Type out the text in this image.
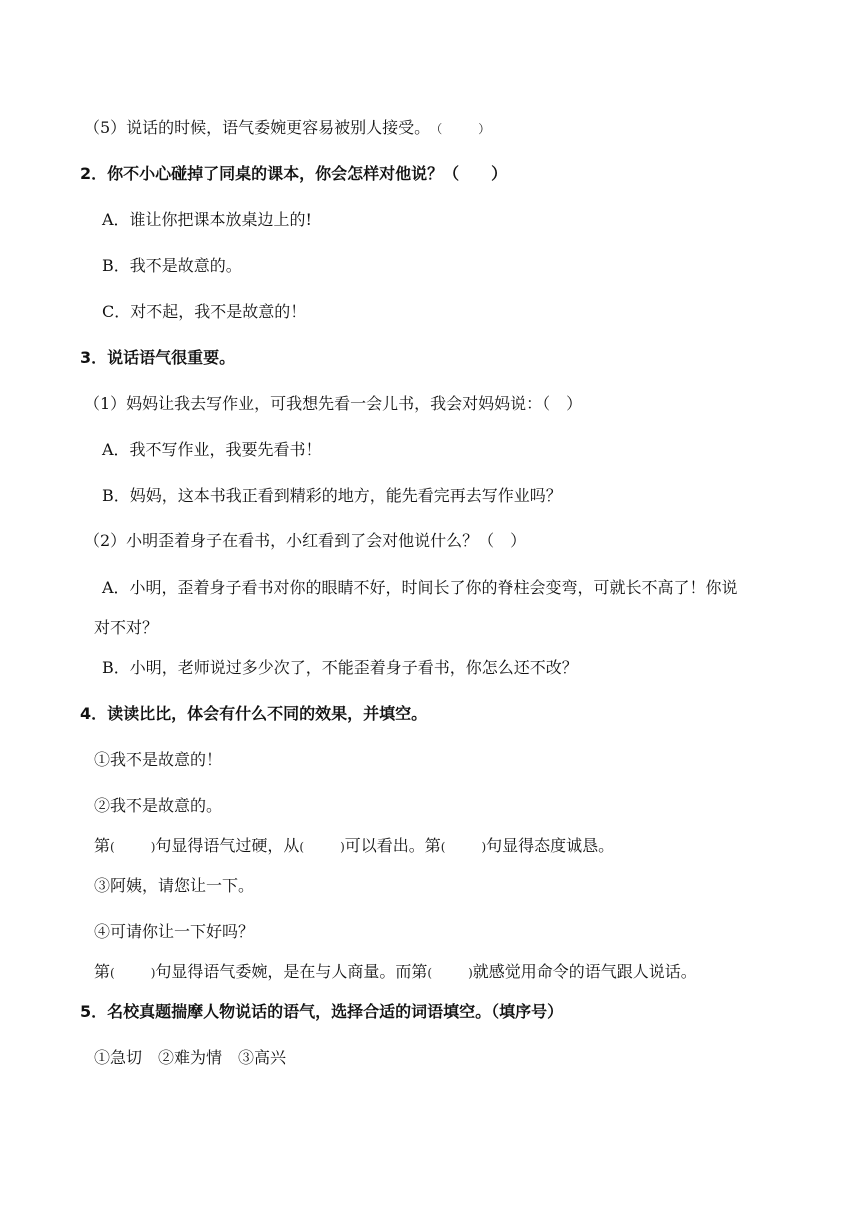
（5）说话的时候，语气委婉更容易被别人接受。（　　　）
2．你不小心碰掉了同桌的课本，你会怎样对他说？（　　）
A．谁让你把课本放桌边上的!
B．我不是故意的。
C．对不起，我不是故意的！
3．说话语气很重要。
（1）妈妈让我去写作业，可我想先看一会儿书，我会对妈妈说：（　）
A．我不写作业，我要先看书！
B．妈妈，这本书我正看到精彩的地方，能先看完再去写作业吗？
（2）小明歪着身子在看书，小红看到了会对他说什么？（　）
A．小明，歪着身子看书对你的眼睛不好，时间长了你的脊柱会变弯，可就长不高了！你说
对不对？
B．小明，老师说过多少次了，不能歪着身子看书，你怎么还不改？
4．读读比比，体会有什么不同的效果，并填空。
①我不是故意的！
②我不是故意的。
第(　　　)句显得语气过硬，从(　　　)可以看出。第(　　　)句显得态度诚恳。
③阿姨，请您让一下。
④可请你让一下好吗？
第(　　　)句显得语气委婉，是在与人商量。而第(　　　)就感觉用命令的语气跟人说话。
5．名校真题揣摩人物说话的语气，选择合适的词语填空。（填序号）
①急切　②难为情　③高兴
